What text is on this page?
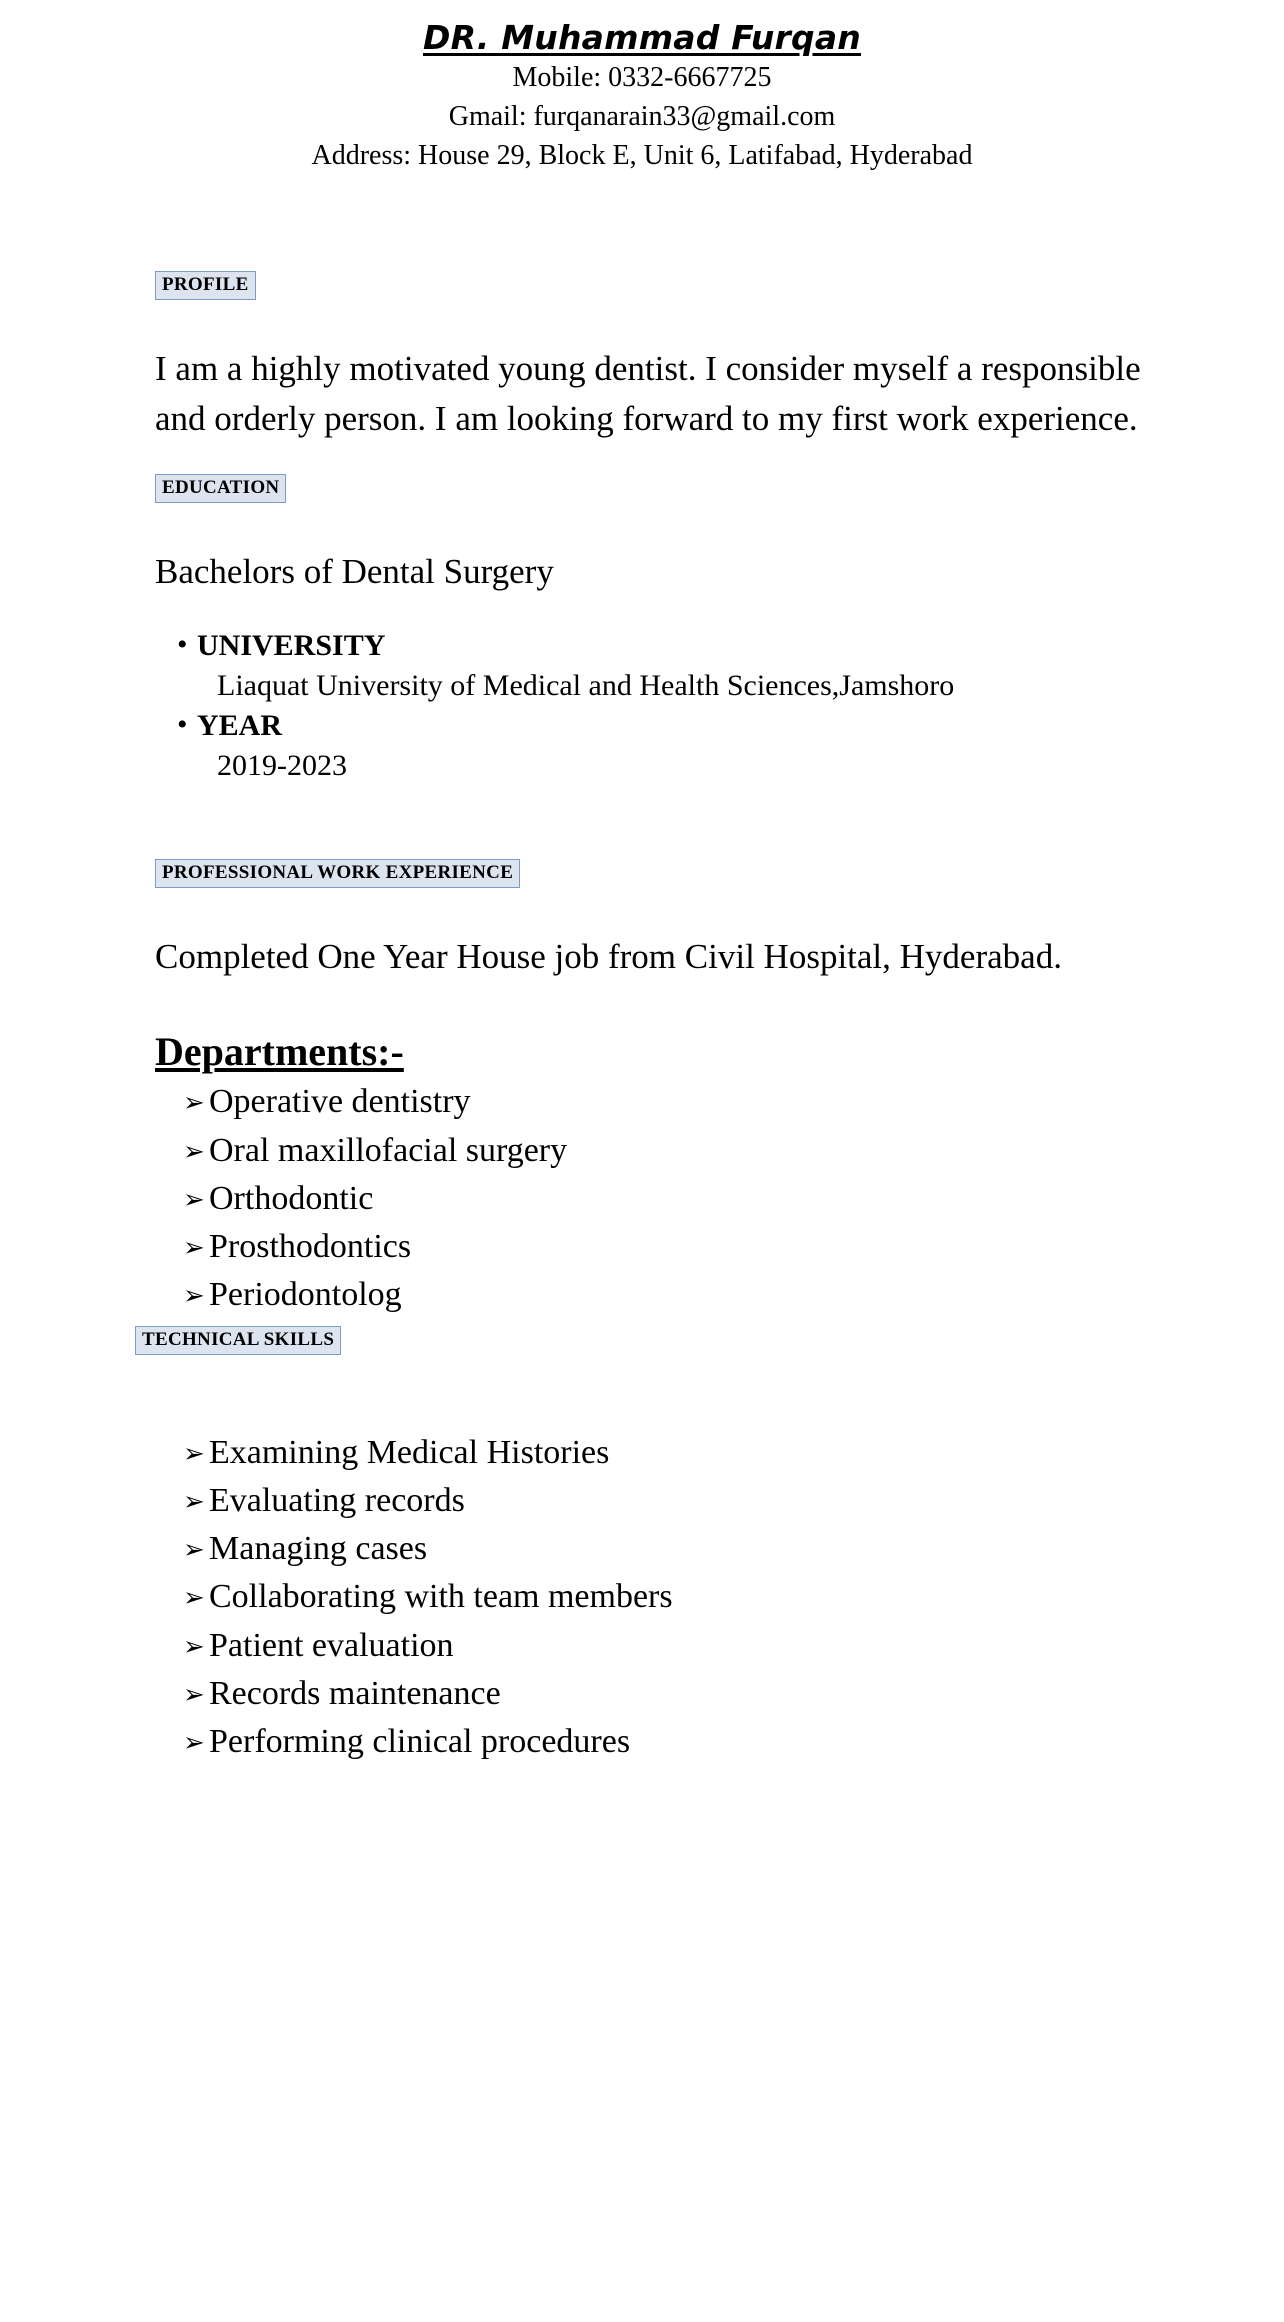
DR. Muhammad Furqan
Mobile: 0332-6667725
Gmail: furqanarain33@gmail.com
Address: House 29, Block E, Unit 6, Latifabad, Hyderabad
PROFILE

I am a highly motivated young dentist. I consider myself a responsible and orderly person. I am looking forward to my first work experience.

EDUCATION

Bachelors of Dental Surgery

• UNIVERSITY
Liaquat University of Medical and Health Sciences,Jamshoro
• YEAR
2019-2023
PROFESSIONAL WORK EXPERIENCE

Completed One Year House job from Civil Hospital, Hyderabad.

Departments:-

➢ Operative dentistry
➢ Oral maxillofacial surgery
➢ Orthodontic
➢ Prosthodontics
➢ Periodontolog
TECHNICAL SKILLS
➢ Examining Medical Histories
➢ Evaluating records
➢ Managing cases
➢ Collaborating with team members
➢ Patient evaluation
➢ Records maintenance
➢ Performing clinical procedures
